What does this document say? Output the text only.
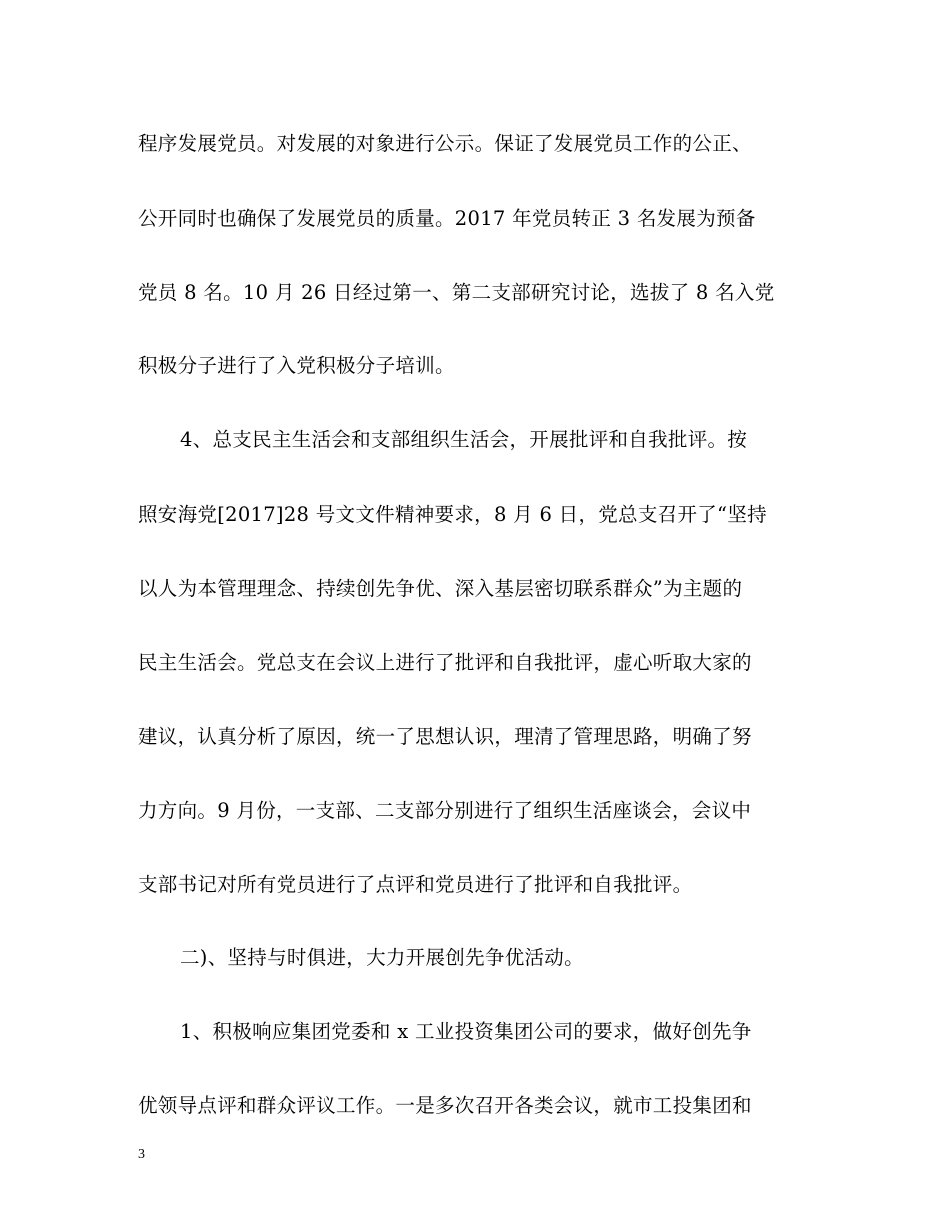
程序发展党员。对发展的对象进行公示。保证了发展党员工作的公正、

公开同时也确保了发展党员的质量。2017 年党员转正 3 名发展为预备

党员 8 名。10 月 26 日经过第一、第二支部研究讨论，选拔了 8 名入党

积极分子进行了入党积极分子培训。

4、总支民主生活会和支部组织生活会，开展批评和自我批评。按

照安海党[2017]28 号文文件精神要求，8 月 6 日，党总支召开了“坚持

以人为本管理理念、持续创先争优、深入基层密切联系群众”为主题的

民主生活会。党总支在会议上进行了批评和自我批评，虚心听取大家的

建议，认真分析了原因，统一了思想认识，理清了管理思路，明确了努

力方向。9 月份，一支部、二支部分别进行了组织生活座谈会，会议中

支部书记对所有党员进行了点评和党员进行了批评和自我批评。

二)、坚持与时俱进，大力开展创先争优活动。

1、积极响应集团党委和 x 工业投资集团公司的要求，做好创先争

优领导点评和群众评议工作。一是多次召开各类会议，就市工投集团和

3
